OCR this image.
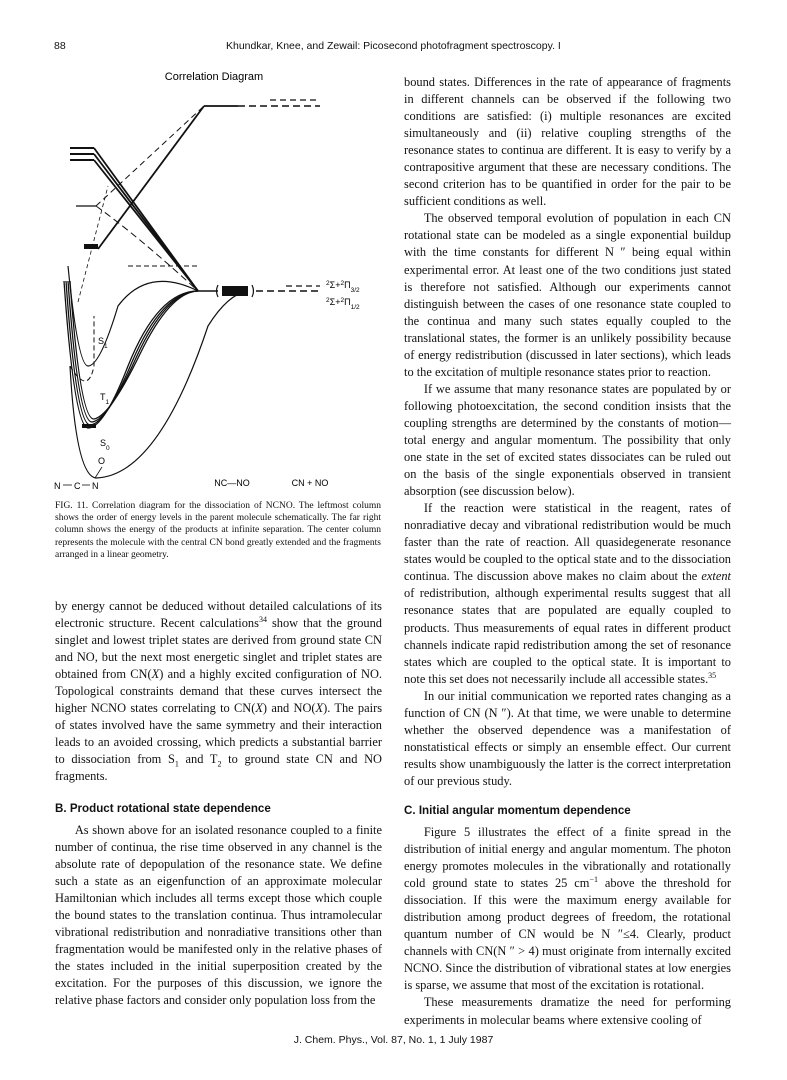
88	Khundkar, Knee, and Zewail: Picosecond photofragment spectroscopy. I
Correlation Diagram
$^2\Sigma+^2\Pi_{3/2}$
$^2\Sigma+^2\Pi_{1/2}$
$S_1$
$T_1$
$S_0$
O
N C N	NC—NO	CN + NO
FIG. 11. Correlation diagram for the dissociation of NCNO. The leftmost column shows the order of energy levels in the parent molecule schematically. The far right column shows the energy of the products at infinite separation. The center column represents the molecule with the central CN bond greatly extended and the fragments arranged in a linear geometry.

by energy cannot be deduced without detailed calculations of its electronic structure. Recent calculations$^{34}$ show that the ground singlet and lowest triplet states are derived from ground state CN and NO, but the next most energetic singlet and triplet states are obtained from CN(X) and a highly excited configuration of NO. Topological constraints demand that these curves intersect the higher NCNO states correlating to CN(X) and NO(X). The pairs of states involved have the same symmetry and their interaction leads to an avoided crossing, which predicts a substantial barrier to dissociation from $S_1$ and $T_2$ to ground state CN and NO fragments.

B. Product rotational state dependence

As shown above for an isolated resonance coupled to a finite number of continua, the rise time observed in any channel is the absolute rate of depopulation of the resonance state. We define such a state as an eigenfunction of an approximate molecular Hamiltonian which includes all terms except those which couple the bound states to the translation continua. Thus intramolecular vibrational redistribution and nonradiative transitions other than fragmentation would be manifested only in the relative phases of the states included in the initial superposition created by the excitation. For the purposes of this discussion, we ignore the relative phase factors and consider only population loss from the

bound states. Differences in the rate of appearance of fragments in different channels can be observed if the following two conditions are satisfied: (i) multiple resonances are excited simultaneously and (ii) relative coupling strengths of the resonance states to continua are different. It is easy to verify by a contrapositive argument that these are necessary conditions. The second criterion has to be quantified in order for the pair to be sufficient conditions as well.

The observed temporal evolution of population in each CN rotational state can be modeled as a single exponential buildup with the time constants for different N ″ being equal within experimental error. At least one of the two conditions just stated is therefore not satisfied. Although our experiments cannot distinguish between the cases of one resonance state coupled to the continua and many such states equally coupled to the translational states, the former is an unlikely possibility because of energy redistribution (discussed in later sections), which leads to the excitation of multiple resonance states prior to reaction.

If we assume that many resonance states are populated by or following photoexcitation, the second condition insists that the coupling strengths are determined by the constants of motion—total energy and angular momentum. The possibility that only one state in the set of excited states dissociates can be ruled out on the basis of the single exponentials observed in transient absorption (see discussion below).

If the reaction were statistical in the reagent, rates of nonradiative decay and vibrational redistribution would be much faster than the rate of reaction. All quasidegenerate resonance states would be coupled to the optical state and to the dissociation continua. The discussion above makes no claim about the extent of redistribution, although experimental results suggest that all resonance states that are populated are equally coupled to products. Thus measurements of equal rates in different product channels indicate rapid redistribution among the set of resonance states which are coupled to the optical state. It is important to note this set does not necessarily include all accessible states.$^{35}$

In our initial communication we reported rates changing as a function of CN (N ″). At that time, we were unable to determine whether the observed dependence was a manifestation of nonstatistical effects or simply an ensemble effect. Our current results show unambiguously the latter is the correct interpretation of our previous study.

C. Initial angular momentum dependence

Figure 5 illustrates the effect of a finite spread in the distribution of initial energy and angular momentum. The photon energy promotes molecules in the vibrationally and rotationally cold ground state to states 25 $cm^{-1}$ above the threshold for dissociation. If this were the maximum energy available for distribution among product degrees of freedom, the rotational quantum number of CN would be N ″≤4. Clearly, product channels with CN(N ″ > 4) must originate from internally excited NCNO. Since the distribution of vibrational states at low energies is sparse, we assume that most of the excitation is rotational.

These measurements dramatize the need for performing experiments in molecular beams where extensive cooling of

J. Chem. Phys., Vol. 87, No. 1, 1 July 1987
